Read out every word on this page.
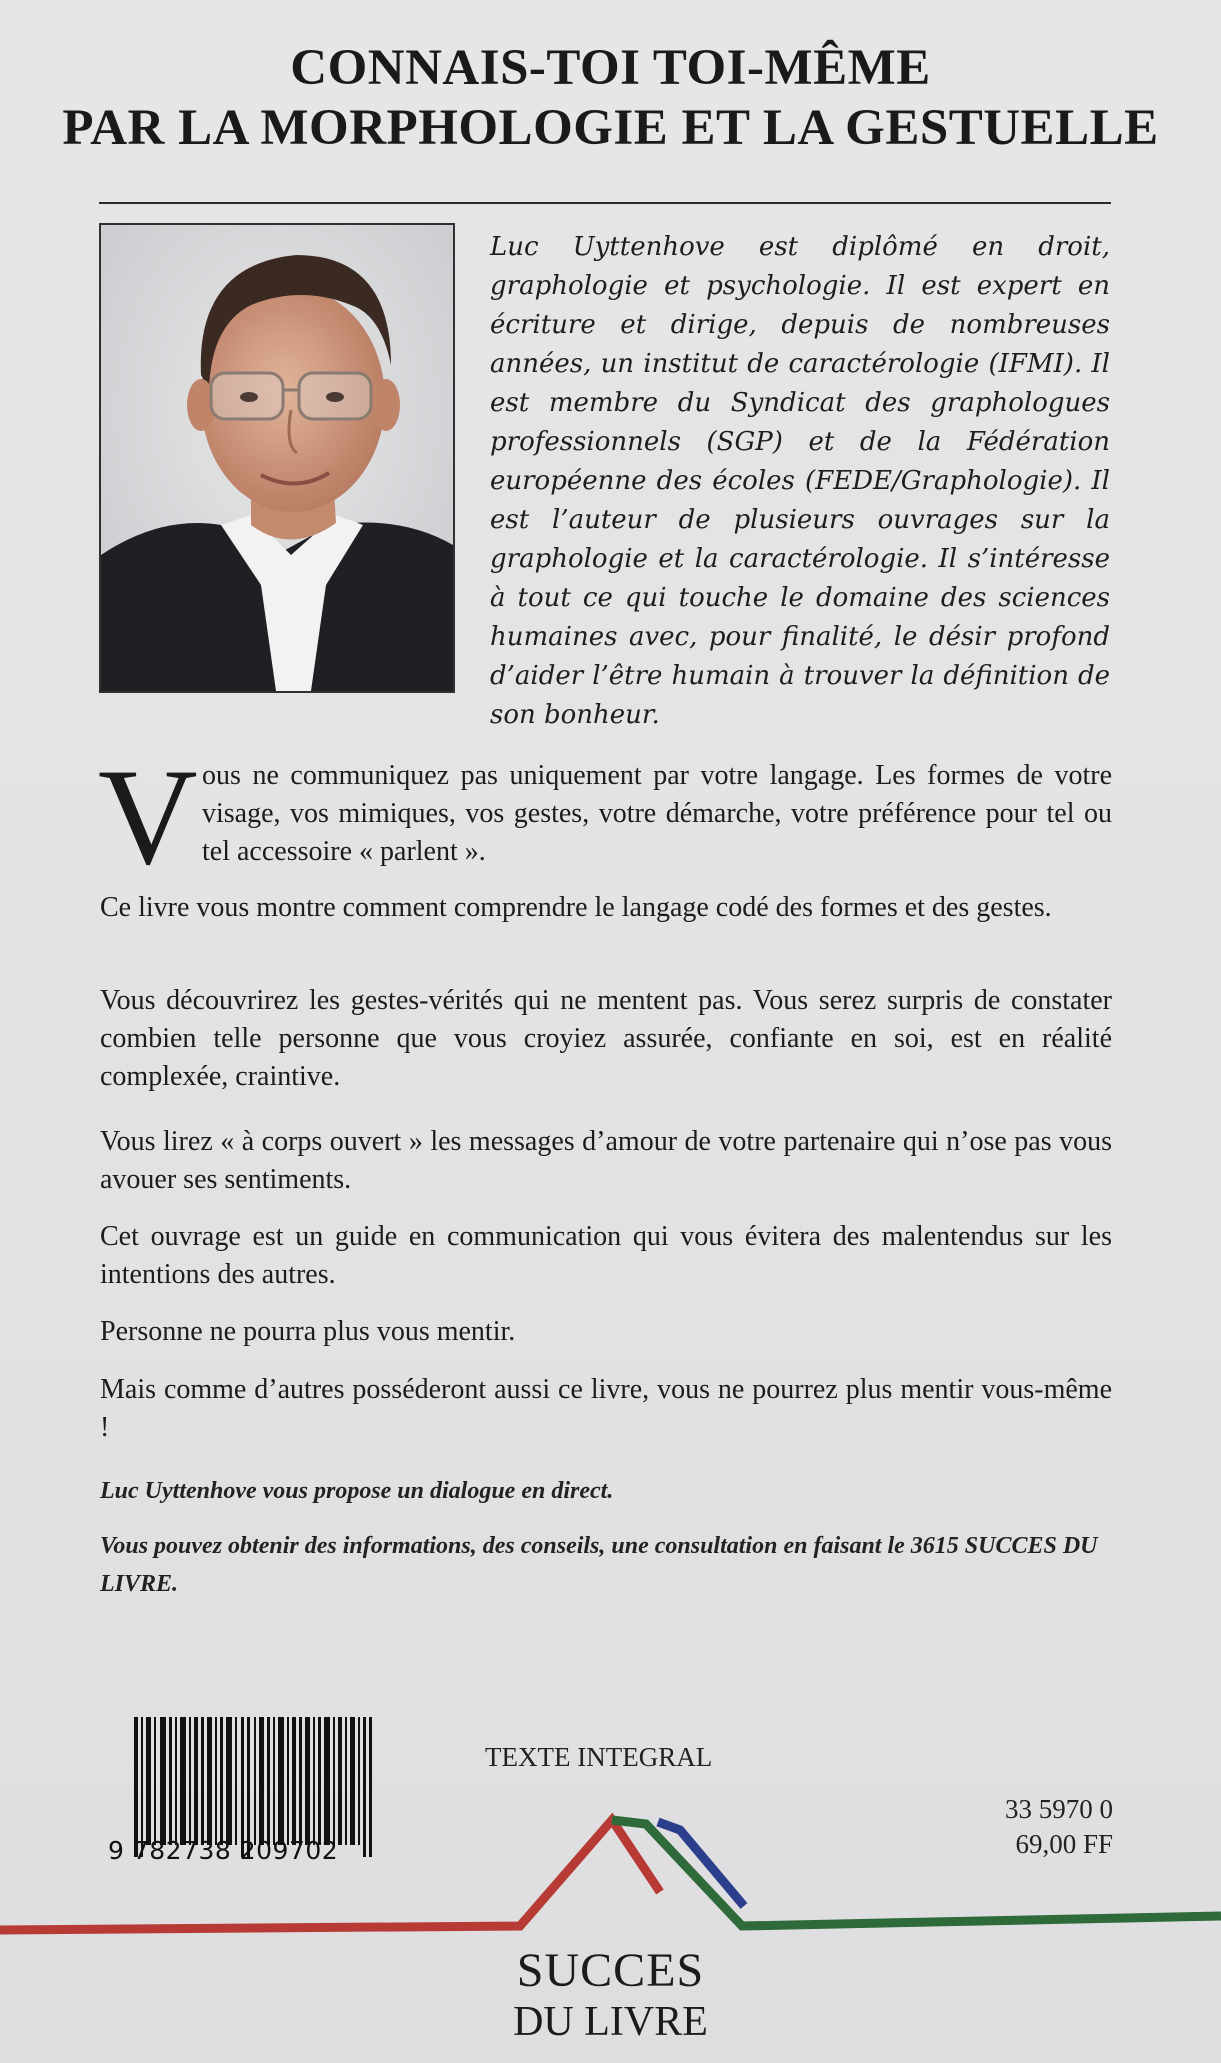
CONNAIS-TOI TOI-MÊME
PAR LA MORPHOLOGIE ET LA GESTUELLE

Luc Uyttenhove est diplômé en droit, graphologie et psychologie. Il est expert en écriture et dirige, depuis de nombreuses années, un institut de caractérologie (IFMI). Il est membre du Syndicat des graphologues professionnels (SGP) et de la Fédération européenne des écoles (FEDE/Graphologie). Il est l’auteur de plusieurs ouvrages sur la graphologie et la caractérologie. Il s’intéresse à tout ce qui touche le domaine des sciences humaines avec, pour finalité, le désir profond d’aider l’être humain à trouver la définition de son bonheur.

V ous ne communiquez pas uniquement par votre langage. Les formes de votre visage, vos mimiques, vos gestes, votre démarche, votre préférence pour tel ou tel accessoire « parlent ».

Ce livre vous montre comment comprendre le langage codé des formes et des gestes.

Vous découvrirez les gestes-vérités qui ne mentent pas. Vous serez surpris de constater combien telle personne que vous croyiez assurée, confiante en soi, est en réalité complexée, craintive.

Vous lirez « à corps ouvert » les messages d’amour de votre partenaire qui n’ose pas vous avouer ses sentiments.

Cet ouvrage est un guide en communication qui vous évitera des malentendus sur les intentions des autres.

Personne ne pourra plus vous mentir.

Mais comme d’autres posséderont aussi ce livre, vous ne pourrez plus mentir vous-même !

Luc Uyttenhove vous propose un dialogue en direct.

Vous pouvez obtenir des informations, des conseils, une consultation en faisant le 3615 SUCCES DU LIVRE.

9 782738 209702
TEXTE INTEGRAL
33 5970 0
69,00 FF
SUCCES
DU LIVRE
